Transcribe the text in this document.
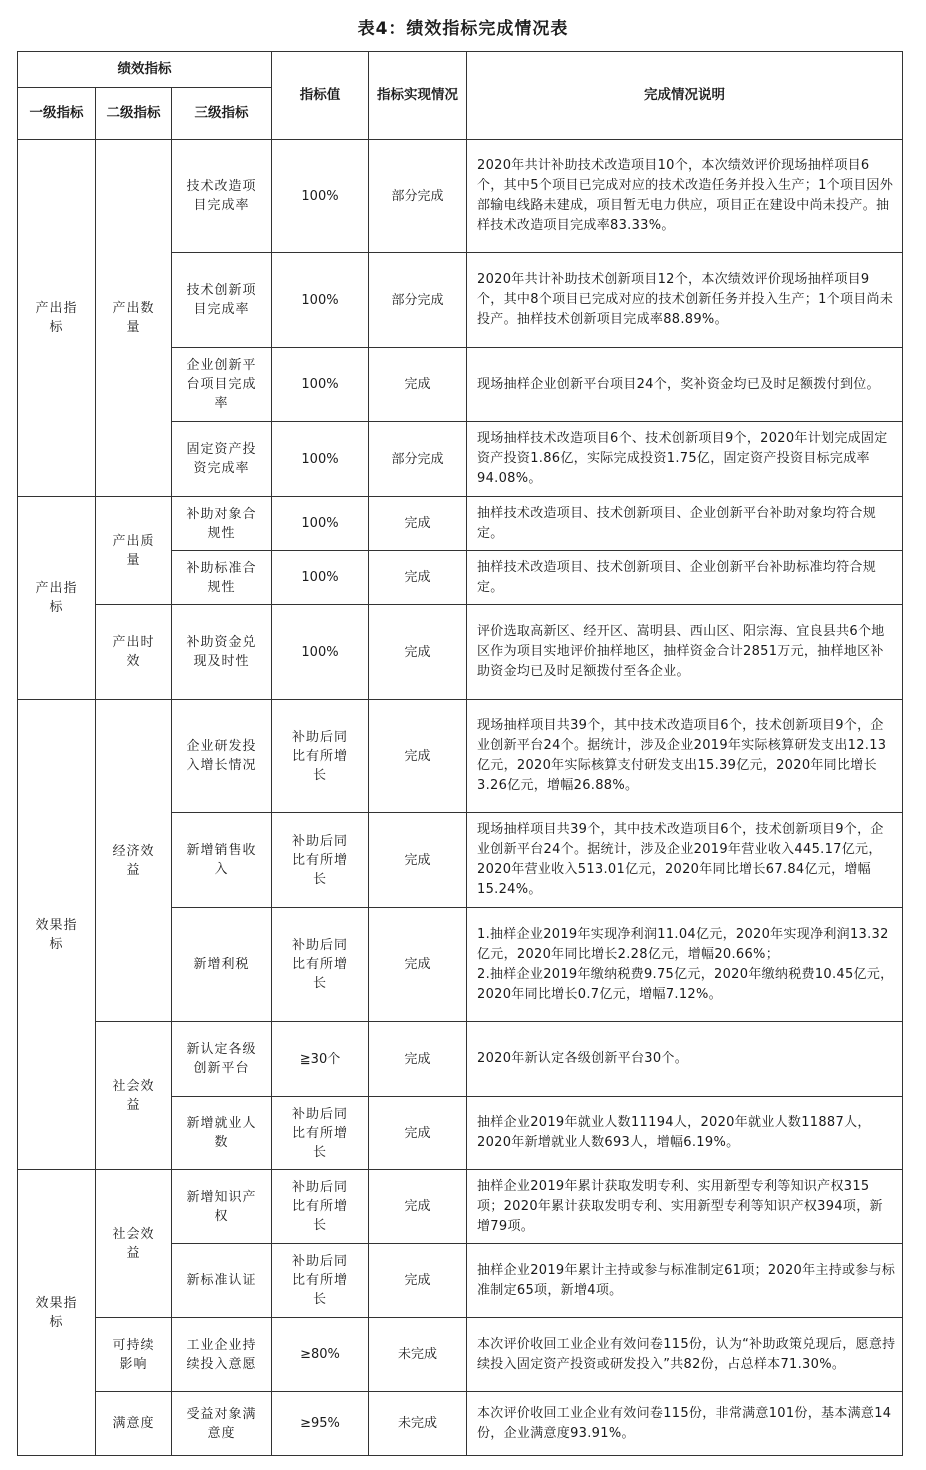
表4：绩效指标完成情况表
绩效指标			指标值	指标实现情况	完成情况说明
一级指标	二级指标	三级指标			
产出指标	产出数量	技术改造项目完成率	100%	部分完成	2020年共计补助技术改造项目10个，本次绩效评价现场抽样项目6个，其中5个项目已完成对应的技术改造任务并投入生产；1个项目因外部输电线路未建成，项目暂无电力供应，项目正在建设中尚未投产。抽样技术改造项目完成率83.33%。
		技术创新项目完成率	100%	部分完成	2020年共计补助技术创新项目12个，本次绩效评价现场抽样项目9个，其中8个项目已完成对应的技术创新任务并投入生产；1个项目尚未投产。抽样技术创新项目完成率88.89%。
		企业创新平台项目完成率	100%	完成	现场抽样企业创新平台项目24个，奖补资金均已及时足额拨付到位。
		固定资产投资完成率	100%	部分完成	现场抽样技术改造项目6个、技术创新项目9个，2020年计划完成固定资产投资1.86亿，实际完成投资1.75亿，固定资产投资目标完成率94.08%。
产出指标	产出质量	补助对象合规性	100%	完成	抽样技术改造项目、技术创新项目、企业创新平台补助对象均符合规定。
		补助标准合规性	100%	完成	抽样技术改造项目、技术创新项目、企业创新平台补助标准均符合规定。
	产出时效	补助资金兑现及时性	100%	完成	评价选取高新区、经开区、嵩明县、西山区、阳宗海、宜良县共6个地区作为项目实地评价抽样地区，抽样资金合计2851万元，抽样地区补助资金均已及时足额拨付至各企业。
效果指标	经济效益	企业研发投入增长情况	补助后同比有所增长	完成	现场抽样项目共39个，其中技术改造项目6个，技术创新项目9个，企业创新平台24个。据统计，涉及企业2019年实际核算研发支出12.13亿元，2020年实际核算支付研发支出15.39亿元，2020年同比增长3.26亿元，增幅26.88%。
		新增销售收入	补助后同比有所增长	完成	现场抽样项目共39个，其中技术改造项目6个，技术创新项目9个，企业创新平台24个。据统计，涉及企业2019年营业收入445.17亿元，2020年营业收入513.01亿元，2020年同比增长67.84亿元，增幅15.24%。
		新增利税	补助后同比有所增长	完成	1.抽样企业2019年实现净利润11.04亿元，2020年实现净利润13.32亿元，2020年同比增长2.28亿元，增幅20.66%；
2.抽样企业2019年缴纳税费9.75亿元，2020年缴纳税费10.45亿元，2020年同比增长0.7亿元，增幅7.12%。
	社会效益	新认定各级创新平台	≧30个	完成	2020年新认定各级创新平台30个。
		新增就业人数	补助后同比有所增长	完成	抽样企业2019年就业人数11194人，2020年就业人数11887人，2020年新增就业人数693人，增幅6.19%。
效果指标	社会效益	新增知识产权	补助后同比有所增长	完成	抽样企业2019年累计获取发明专利、实用新型专利等知识产权315项；2020年累计获取发明专利、实用新型专利等知识产权394项，新增79项。
		新标准认证	补助后同比有所增长	完成	抽样企业2019年累计主持或参与标准制定61项；2020年主持或参与标准制定65项，新增4项。
	可持续影响	工业企业持续投入意愿	≥80%	未完成	本次评价收回工业企业有效问卷115份，认为“补助政策兑现后，愿意持续投入固定资产投资或研发投入”共82份，占总样本71.30%。
	满意度	受益对象满意度	≥95%	未完成	本次评价收回工业企业有效问卷115份，非常满意101份，基本满意14份，企业满意度93.91%。
